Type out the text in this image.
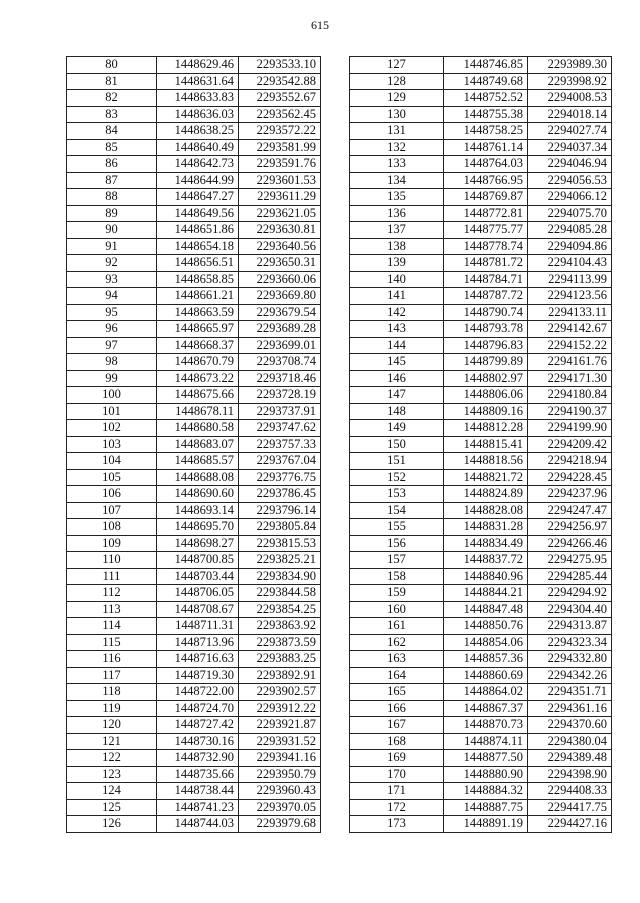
615
80	1448629.46	2293533.10
81	1448631.64	2293542.88
82	1448633.83	2293552.67
83	1448636.03	2293562.45
84	1448638.25	2293572.22
85	1448640.49	2293581.99
86	1448642.73	2293591.76
87	1448644.99	2293601.53
88	1448647.27	2293611.29
89	1448649.56	2293621.05
90	1448651.86	2293630.81
91	1448654.18	2293640.56
92	1448656.51	2293650.31
93	1448658.85	2293660.06
94	1448661.21	2293669.80
95	1448663.59	2293679.54
96	1448665.97	2293689.28
97	1448668.37	2293699.01
98	1448670.79	2293708.74
99	1448673.22	2293718.46
100	1448675.66	2293728.19
101	1448678.11	2293737.91
102	1448680.58	2293747.62
103	1448683.07	2293757.33
104	1448685.57	2293767.04
105	1448688.08	2293776.75
106	1448690.60	2293786.45
107	1448693.14	2293796.14
108	1448695.70	2293805.84
109	1448698.27	2293815.53
110	1448700.85	2293825.21
111	1448703.44	2293834.90
112	1448706.05	2293844.58
113	1448708.67	2293854.25
114	1448711.31	2293863.92
115	1448713.96	2293873.59
116	1448716.63	2293883.25
117	1448719.30	2293892.91
118	1448722.00	2293902.57
119	1448724.70	2293912.22
120	1448727.42	2293921.87
121	1448730.16	2293931.52
122	1448732.90	2293941.16
123	1448735.66	2293950.79
124	1448738.44	2293960.43
125	1448741.23	2293970.05
126	1448744.03	2293979.68
127	1448746.85	2293989.30
128	1448749.68	2293998.92
129	1448752.52	2294008.53
130	1448755.38	2294018.14
131	1448758.25	2294027.74
132	1448761.14	2294037.34
133	1448764.03	2294046.94
134	1448766.95	2294056.53
135	1448769.87	2294066.12
136	1448772.81	2294075.70
137	1448775.77	2294085.28
138	1448778.74	2294094.86
139	1448781.72	2294104.43
140	1448784.71	2294113.99
141	1448787.72	2294123.56
142	1448790.74	2294133.11
143	1448793.78	2294142.67
144	1448796.83	2294152.22
145	1448799.89	2294161.76
146	1448802.97	2294171.30
147	1448806.06	2294180.84
148	1448809.16	2294190.37
149	1448812.28	2294199.90
150	1448815.41	2294209.42
151	1448818.56	2294218.94
152	1448821.72	2294228.45
153	1448824.89	2294237.96
154	1448828.08	2294247.47
155	1448831.28	2294256.97
156	1448834.49	2294266.46
157	1448837.72	2294275.95
158	1448840.96	2294285.44
159	1448844.21	2294294.92
160	1448847.48	2294304.40
161	1448850.76	2294313.87
162	1448854.06	2294323.34
163	1448857.36	2294332.80
164	1448860.69	2294342.26
165	1448864.02	2294351.71
166	1448867.37	2294361.16
167	1448870.73	2294370.60
168	1448874.11	2294380.04
169	1448877.50	2294389.48
170	1448880.90	2294398.90
171	1448884.32	2294408.33
172	1448887.75	2294417.75
173	1448891.19	2294427.16
